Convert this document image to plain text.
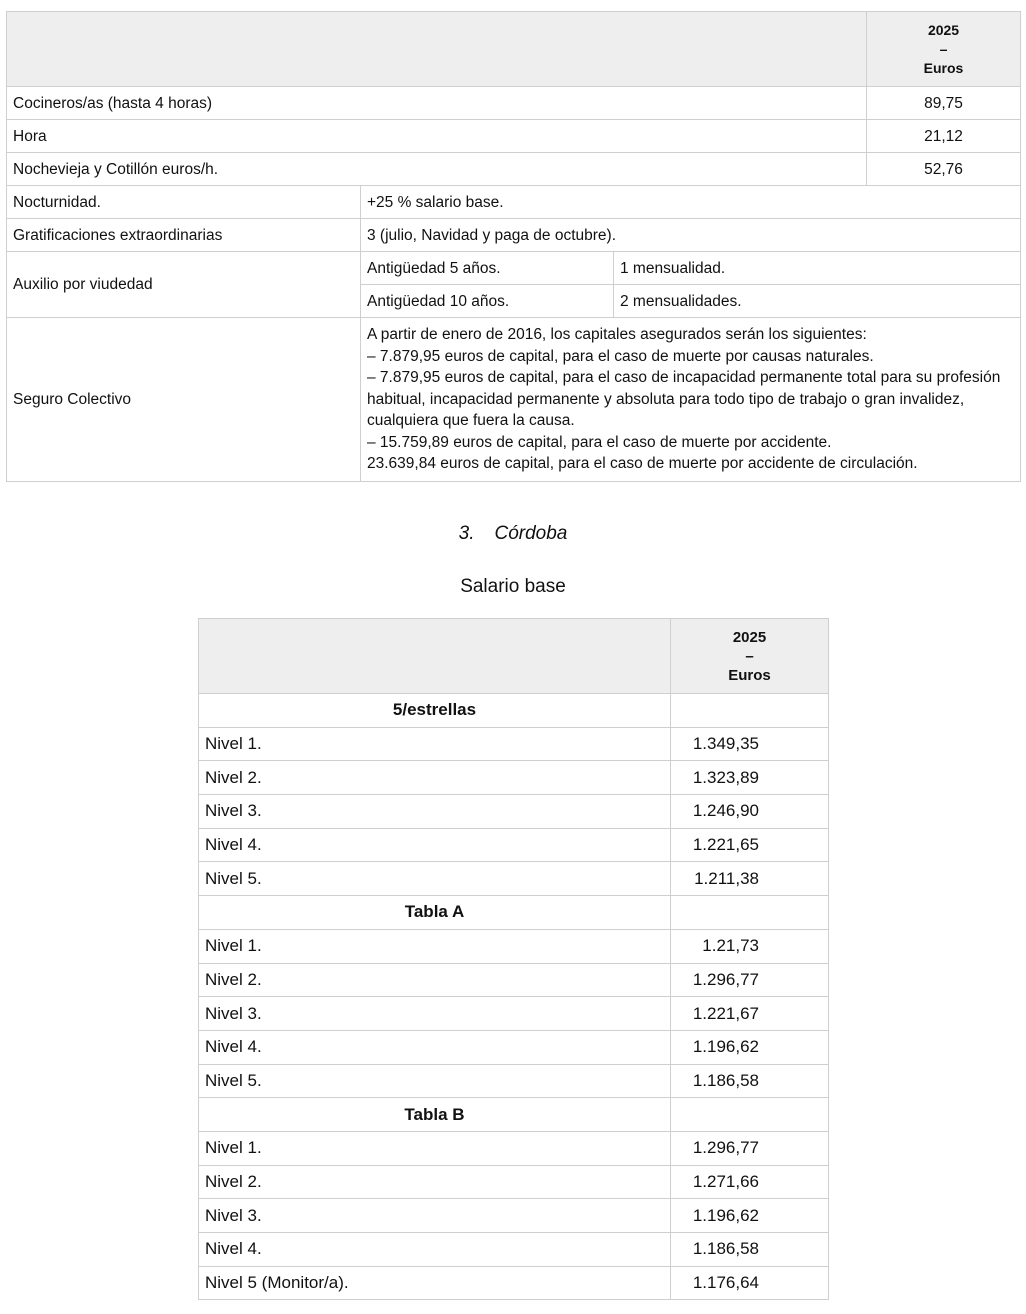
			2025
–
Euros

Cocineros/as (hasta 4 horas)			89,75
Hora			21,12
Nochevieja y Cotillón euros/h.			52,76
Nocturnidad.	+25 % salario base.		
Gratificaciones extraordinarias	3 (julio, Navidad y paga de octubre).		
Auxilio por viudedad	Antigüedad 5 años.	1 mensualidad.	
	Antigüedad 10 años.	2 mensualidades.	
Seguro Colectivo	A partir de enero de 2016, los capitales asegurados serán los siguientes:
– 7.879,95 euros de capital, para el caso de muerte por causas naturales.
– 7.879,95 euros de capital, para el caso de incapacidad permanente total para su profesión habitual, incapacidad permanente y absoluta para todo tipo de trabajo o gran invalidez, cualquiera que fuera la causa.
– 15.759,89 euros de capital, para el caso de muerte por accidente.
23.639,84 euros de capital, para el caso de muerte por accidente de circulación.		
3. Córdoba
Salario base

	2025
–
Euros

5/estrellas	
Nivel 1.	1.349,35
Nivel 2.	1.323,89
Nivel 3.	1.246,90
Nivel 4.	1.221,65
Nivel 5.	1.211,38
Tabla A	
Nivel 1.	1.21,73
Nivel 2.	1.296,77
Nivel 3.	1.221,67
Nivel 4.	1.196,62
Nivel 5.	1.186,58
Tabla B	
Nivel 1.	1.296,77
Nivel 2.	1.271,66
Nivel 3.	1.196,62
Nivel 4.	1.186,58
Nivel 5 (Monitor/a).	1.176,64
